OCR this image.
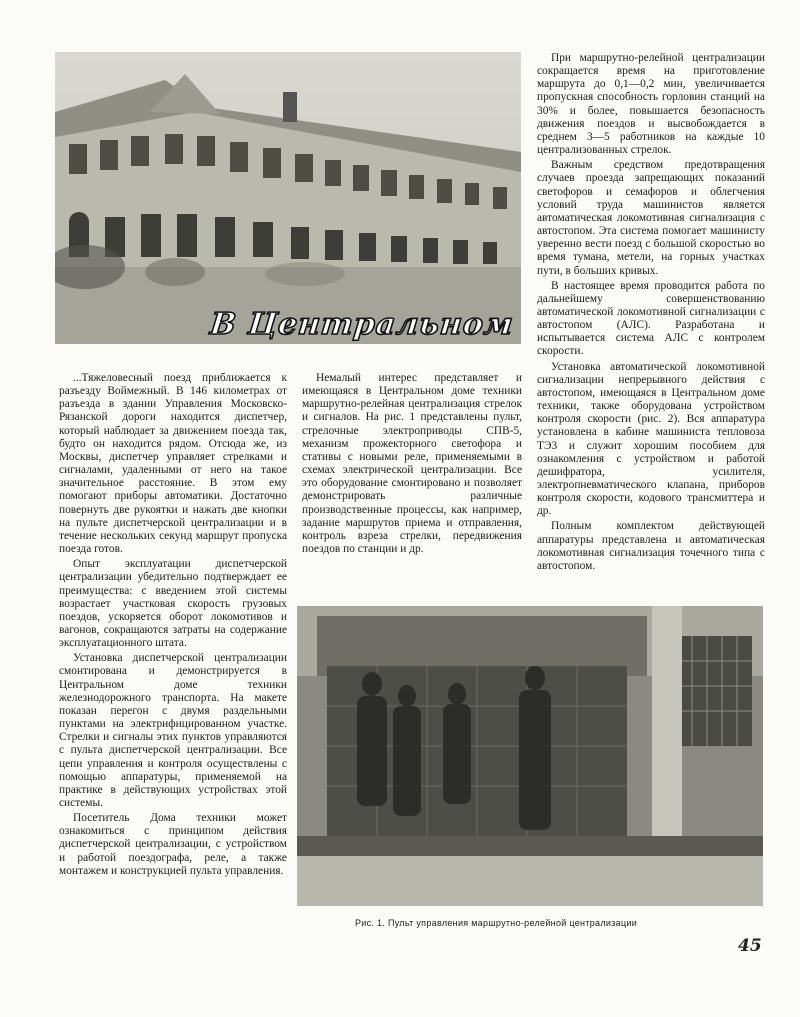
В Центральном

При маршрутно-релейной централизации сокращается время на приготовление маршрута до 0,1—0,2 мин, увеличивается пропускная способность горловин станций на 30% и более, повышается безопасность движения поездов и высвобождается в среднем 3—5 работников на каждые 10 централизованных стрелок.

Важным средством предотвращения случаев проезда запрещающих показаний светофоров и семафоров и облегчения условий труда машинистов является автоматическая локомотивная сигнализация с автостопом. Эта система помогает машинисту уверенно вести поезд с большой скоростью во время тумана, метели, на горных участках пути, в больших кривых.

В настоящее время проводится работа по дальнейшему совершенствованию автоматической локомотивной сигнализации с автостопом (АЛС). Разработана и испытывается система АЛС с контролем скорости.

Установка автоматической локомотивной сигнализации непрерывного действия с автостопом, имеющаяся в Центральном доме техники, также оборудована устройством контроля скорости (рис. 2). Вся аппаратура установлена в кабине машиниста тепловоза ТЭ3 и служит хорошим пособием для ознакомления с устройством и работой дешифратора, усилителя, электропневматического клапана, приборов контроля скорости, кодового трансмиттера и др.

Полным комплектом действующей аппаратуры представлена и автоматическая локомотивная сигнализация точечного типа с автостопом.

...Тяжеловесный поезд приближается к разъезду Воймежный. В 146 километрах от разъезда в здании Управления Московско-Рязанской дороги находится диспетчер, который наблюдает за движением поезда так, будто он находится рядом. Отсюда же, из Москвы, диспетчер управляет стрелками и сигналами, удаленными от него на такое значительное расстояние. В этом ему помогают приборы автоматики. Достаточно повернуть две рукоятки и нажать две кнопки на пульте диспетчерской централизации и в течение нескольких секунд маршрут пропуска поезда готов.

Опыт эксплуатации диспетчерской централизации убедительно подтверждает ее преимущества: с введением этой системы возрастает участковая скорость грузовых поездов, ускоряется оборот локомотивов и вагонов, сокращаются затраты на содержание эксплуатационного штата.

Установка диспетчерской централизации смонтирована и демонстрируется в Центральном доме техники железнодорожного транспорта. На макете показан перегон с двумя раздельными пунктами на электрифицированном участке. Стрелки и сигналы этих пунктов управляются с пульта диспетчерской централизации. Все цепи управления и контроля осуществлены с помощью аппаратуры, применяемой на практике в действующих устройствах этой системы.

Посетитель Дома техники может ознакомиться с принципом действия диспетчерской централизации, с устройством и работой поездографа, реле, а также монтажем и конструкцией пульта управления.

Немалый интерес представляет и имеющаяся в Центральном доме техники маршрутно-релейная централизация стрелок и сигналов. На рис. 1 представлены пульт, стрелочные электроприводы СПВ-5, механизм прожекторного светофора и стативы с новыми реле, применяемыми в схемах электрической централизации. Все это оборудование смонтировано и позволяет демонстрировать различные производственные процессы, как например, задание маршрутов приема и отправления, контроль взреза стрелки, передвижения поездов по станции и др.

Рис. 1. Пульт управления маршрутно-релейной централизации
45
